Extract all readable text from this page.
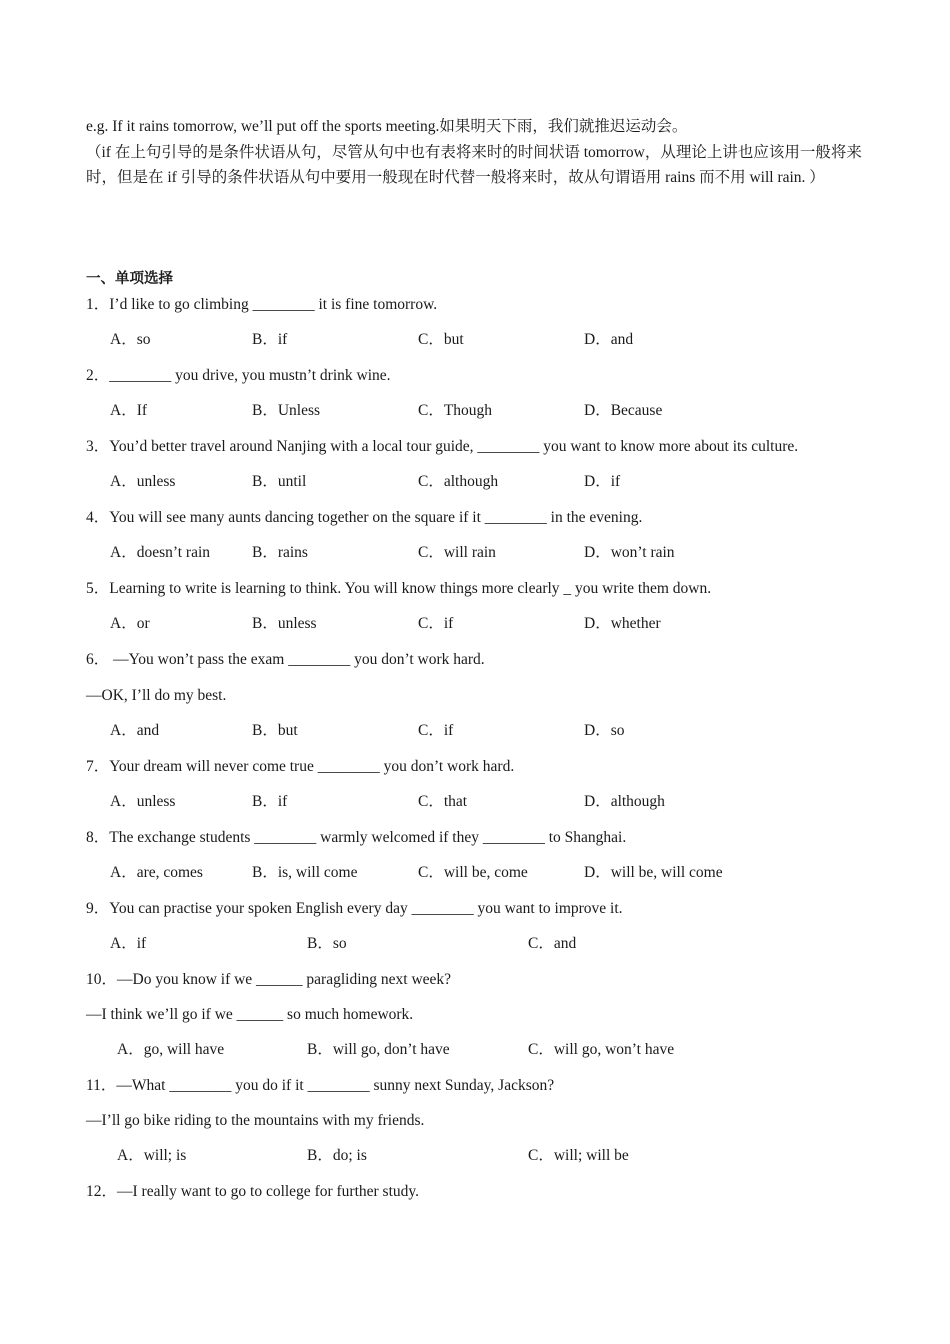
e.g. If it rains tomorrow, we’ll put off the sports meeting.如果明天下雨，我们就推迟运动会。
（if 在上句引导的是条件状语从句，尽管从句中也有表将来时的时间状语 tomorrow，从理论上讲也应该用一般将来时，但是在 if 引导的条件状语从句中要用一般现在时代替一般将来时，故从句谓语用 rains 而不用 will rain. ）
一、单项选择
1．I’d like to go climbing ________ it is fine tomorrow.
A．so	B．if	C．but	D．and
2．________ you drive, you mustn’t drink wine.
A．If	B．Unless	C．Though	D．Because
3．You’d better travel around Nanjing with a local tour guide, ________ you want to know more about its culture.
A．unless	B．until	C．although	D．if
4．You will see many aunts dancing together on the square if it ________ in the evening.
A．doesn’t rain	B．rains	C．will rain	D．won’t rain
5．Learning to write is learning to think. You will know things more clearly _ you write them down.
A．or	B．unless	C．if	D．whether
6． —You won’t pass the exam ________ you don’t work hard.
—OK, I’ll do my best.
A．and	B．but	C．if	D．so
7．Your dream will never come true ________ you don’t work hard.
A．unless	B．if	C．that	D．although
8．The exchange students ________ warmly welcomed if they ________ to Shanghai.
A．are, comes	B．is, will come	C．will be, come	D．will be, will come
9．You can practise your spoken English every day ________ you want to improve it.
A．if	B．so	C．and
10．—Do you know if we ______ paragliding next week?
—I think we’ll go if we ______ so much homework.
A．go, will have	B．will go, don’t have	C．will go, won’t have
11．—What ________ you do if it ________ sunny next Sunday, Jackson?
—I’ll go bike riding to the mountains with my friends.
A．will; is	B．do; is	C．will; will be
12．—I really want to go to college for further study.
